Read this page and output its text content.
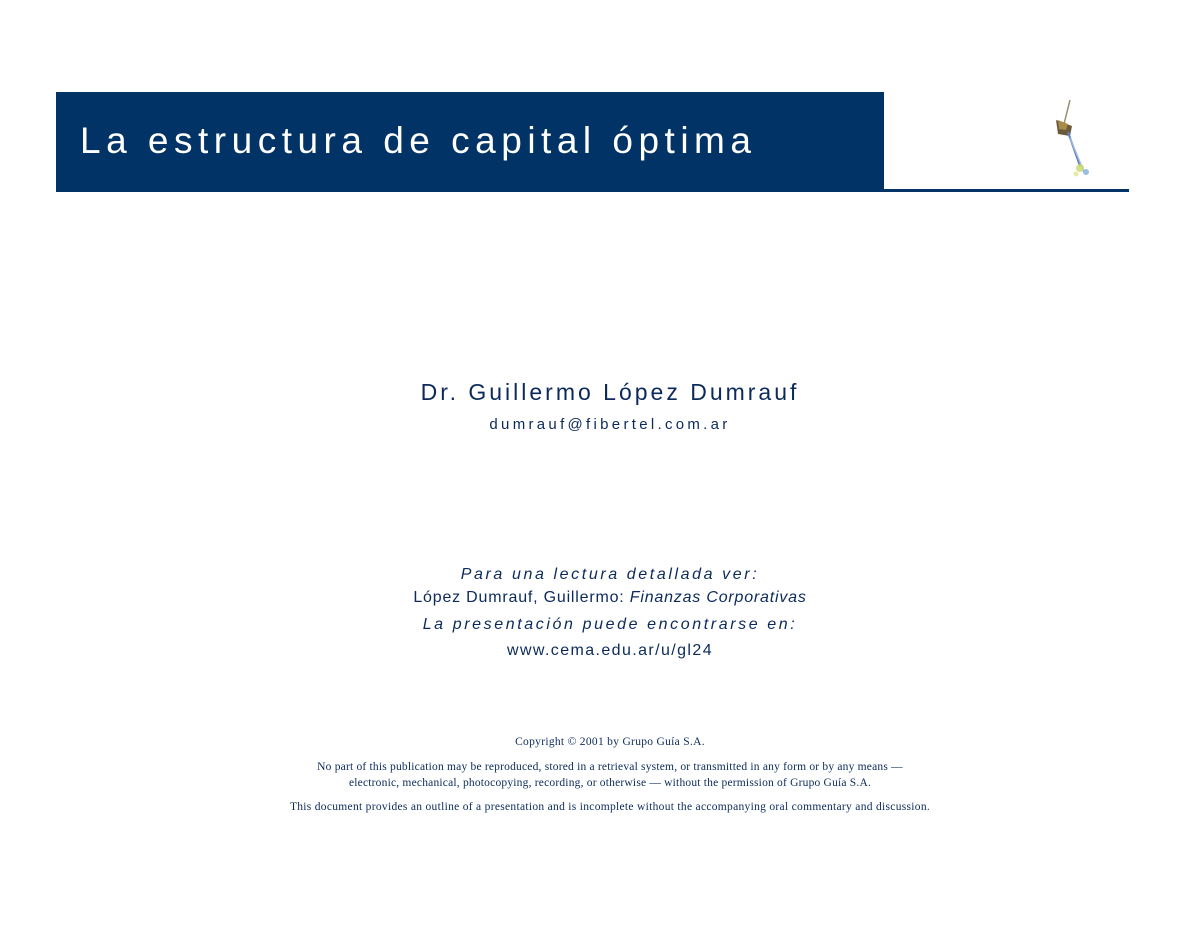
La estructura de capital óptima
Dr. Guillermo López Dumrauf
dumrauf@fibertel.com.ar
Para una lectura detallada ver:
López Dumrauf, Guillermo: Finanzas Corporativas
La presentación puede encontrarse en:
www.cema.edu.ar/u/gl24
Copyright © 2001 by Grupo Guía S.A.
No part of this publication may be reproduced, stored in a retrieval system, or transmitted in any form or by any means —
electronic, mechanical, photocopying, recording, or otherwise — without the permission of Grupo Guía S.A.
This document provides an outline of a presentation and is incomplete without the accompanying oral commentary and discussion.
